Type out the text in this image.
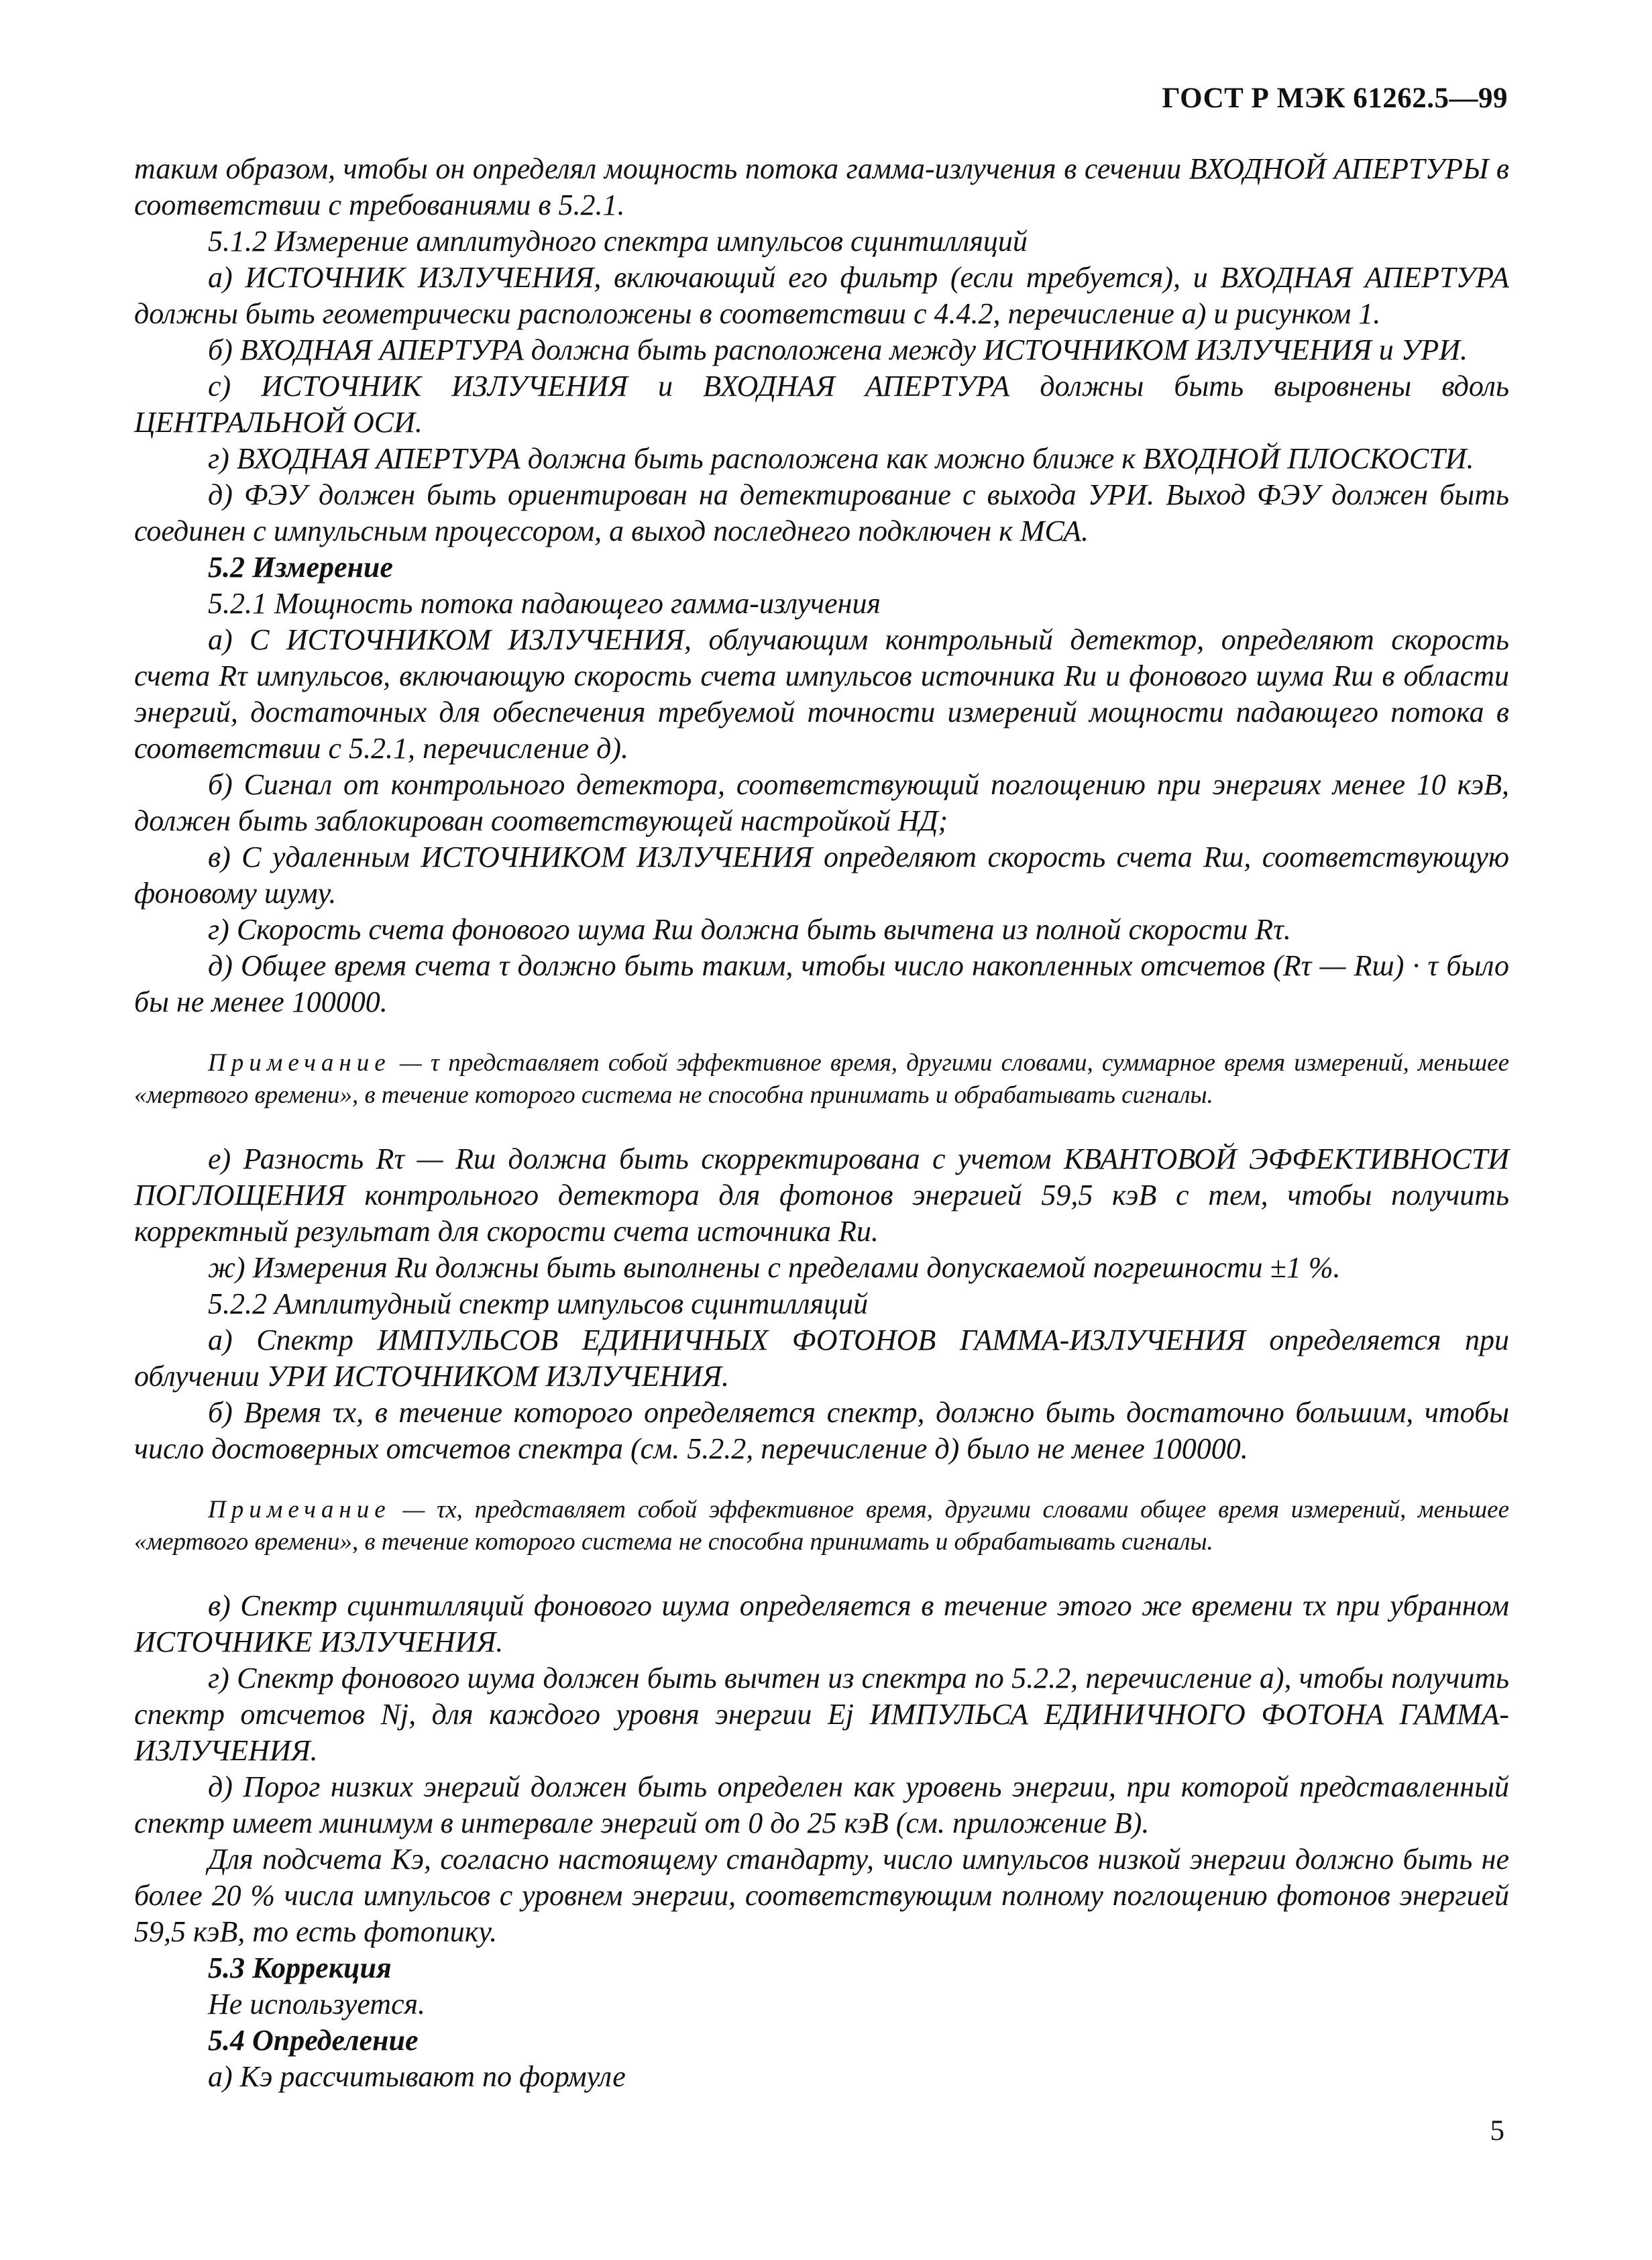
ГОСТ Р МЭК 61262.5—99

таким образом, чтобы он определял мощность потока гамма-излучения в сечении ВХОДНОЙ АПЕРТУРЫ в соответствии с требованиями в 5.2.1.

5.1.2 Измерение амплитудного спектра импульсов сцинтилляций

а) ИСТОЧНИК ИЗЛУЧЕНИЯ, включающий его фильтр (если требуется), и ВХОДНАЯ АПЕРТУРА должны быть геометрически расположены в соответствии с 4.4.2, перечисление а) и рисунком 1.

б) ВХОДНАЯ АПЕРТУРА должна быть расположена между ИСТОЧНИКОМ ИЗЛУЧЕНИЯ и УРИ.

с) ИСТОЧНИК ИЗЛУЧЕНИЯ и ВХОДНАЯ АПЕРТУРА должны быть выровнены вдоль ЦЕНТРАЛЬНОЙ ОСИ.

г) ВХОДНАЯ АПЕРТУРА должна быть расположена как можно ближе к ВХОДНОЙ ПЛОСКОСТИ.

д) ФЭУ должен быть ориентирован на детектирование с выхода УРИ. Выход ФЭУ должен быть соединен с импульсным процессором, а выход последнего подключен к МСА.

5.2 Измерение

5.2.1 Мощность потока падающего гамма-излучения

а) С ИСТОЧНИКОМ ИЗЛУЧЕНИЯ, облучающим контрольный детектор, определяют скорость счета Rτ импульсов, включающую скорость счета импульсов источника Rи и фонового шума Rш в области энергий, достаточных для обеспечения требуемой точности измерений мощности падающего потока в соответствии с 5.2.1, перечисление д).

б) Сигнал от контрольного детектора, соответствующий поглощению при энергиях менее 10 кэВ, должен быть заблокирован соответствующей настройкой НД;

в) С удаленным ИСТОЧНИКОМ ИЗЛУЧЕНИЯ определяют скорость счета Rш, соответствующую фоновому шуму.

г) Скорость счета фонового шума Rш должна быть вычтена из полной скорости Rτ.

д) Общее время счета τ должно быть таким, чтобы число накопленных отсчетов (Rτ — Rш) · τ было бы не менее 100000.

Примечание — τ представляет собой эффективное время, другими словами, суммарное время измерений, меньшее «мертвого времени», в течение которого система не способна принимать и обрабатывать сигналы.

е) Разность Rτ — Rш должна быть скорректирована с учетом КВАНТОВОЙ ЭФФЕКТИВНОСТИ ПОГЛОЩЕНИЯ контрольного детектора для фотонов энергией 59,5 кэВ с тем, чтобы получить корректный результат для скорости счета источника Rи.

ж) Измерения Rи должны быть выполнены с пределами допускаемой погрешности ±1 %.

5.2.2 Амплитудный спектр импульсов сцинтилляций

а) Спектр ИМПУЛЬСОВ ЕДИНИЧНЫХ ФОТОНОВ ГАММА-ИЗЛУЧЕНИЯ определяется при облучении УРИ ИСТОЧНИКОМ ИЗЛУЧЕНИЯ.

б) Время τx, в течение которого определяется спектр, должно быть достаточно большим, чтобы число достоверных отсчетов спектра (см. 5.2.2, перечисление д) было не менее 100000.

Примечание — τx, представляет собой эффективное время, другими словами общее время измерений, меньшее «мертвого времени», в течение которого система не способна принимать и обрабатывать сигналы.

в) Спектр сцинтилляций фонового шума определяется в течение этого же времени τx при убранном ИСТОЧНИКЕ ИЗЛУЧЕНИЯ.

г) Спектр фонового шума должен быть вычтен из спектра по 5.2.2, перечисление а), чтобы получить спектр отсчетов Nj, для каждого уровня энергии Ej ИМПУЛЬСА ЕДИНИЧНОГО ФОТОНА ГАММА-ИЗЛУЧЕНИЯ.

д) Порог низких энергий должен быть определен как уровень энергии, при которой представленный спектр имеет минимум в интервале энергий от 0 до 25 кэВ (см. приложение В).

Для подсчета Kэ, согласно настоящему стандарту, число импульсов низкой энергии должно быть не более 20 % числа импульсов с уровнем энергии, соответствующим полному поглощению фотонов энергией 59,5 кэВ, то есть фотопику.

5.3 Коррекция

Не используется.

5.4 Определение

а) Kэ рассчитывают по формуле

5
